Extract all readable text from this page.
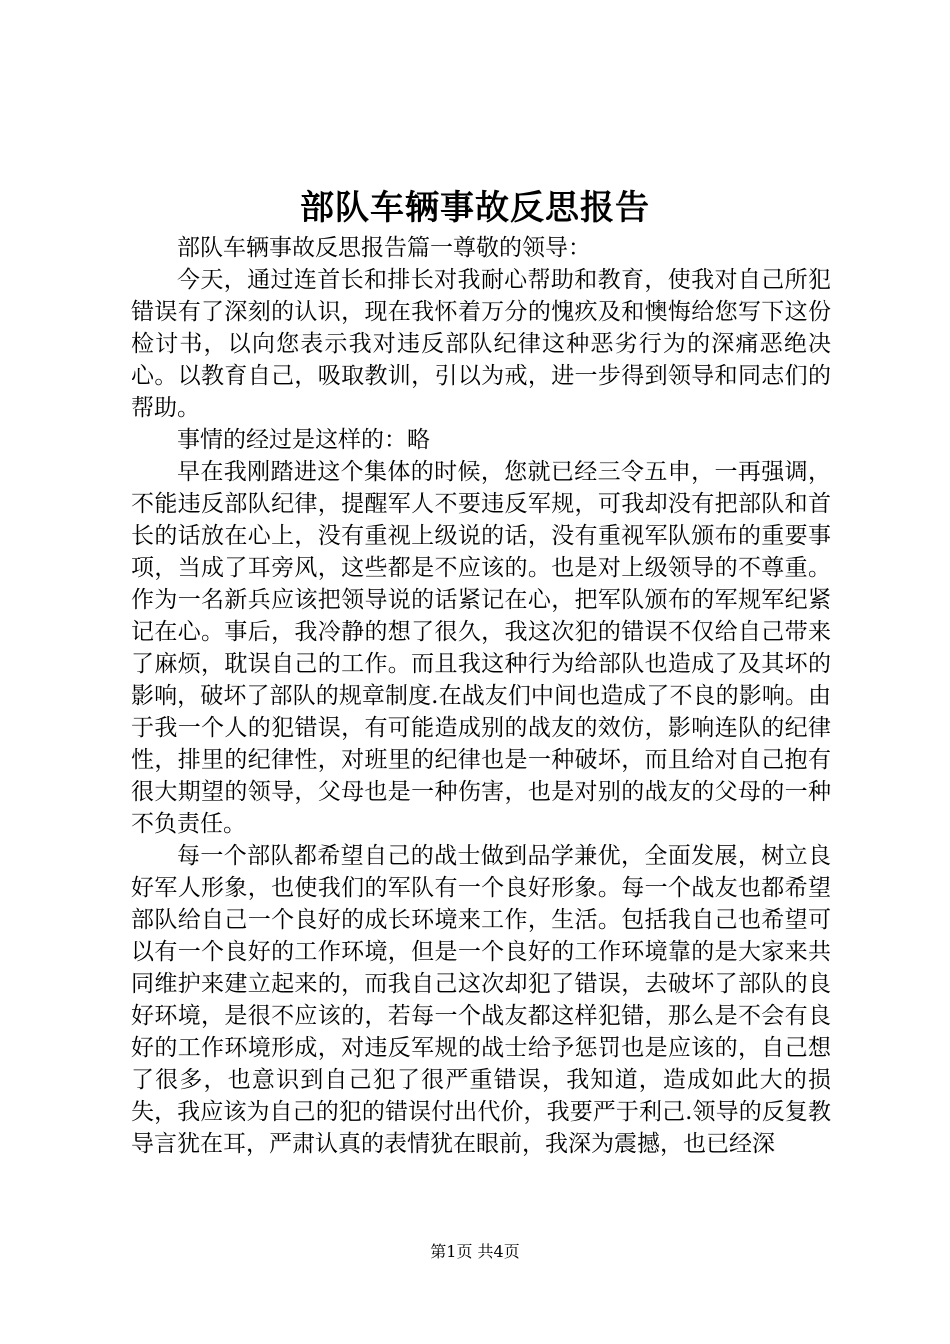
部队车辆事故反思报告

部队车辆事故反思报告篇一尊敬的领导：

今天，通过连首长和排长对我耐心帮助和教育，使我对自己所犯错误有了深刻的认识，现在我怀着万分的愧疚及和懊悔给您写下这份检讨书，以向您表示我对违反部队纪律这种恶劣行为的深痛恶绝决心。以教育自己，吸取教训，引以为戒，进一步得到领导和同志们的帮助。

事情的经过是这样的：略

早在我刚踏进这个集体的时候，您就已经三令五申，一再强调，不能违反部队纪律，提醒军人不要违反军规，可我却没有把部队和首长的话放在心上，没有重视上级说的话，没有重视军队颁布的重要事项，当成了耳旁风，这些都是不应该的。也是对上级领导的不尊重。作为一名新兵应该把领导说的话紧记在心，把军队颁布的军规军纪紧记在心。事后，我冷静的想了很久，我这次犯的错误不仅给自己带来了麻烦，耽误自己的工作。而且我这种行为给部队也造成了及其坏的影响，破坏了部队的规章制度.在战友们中间也造成了不良的影响。由于我一个人的犯错误，有可能造成别的战友的效仿，影响连队的纪律性，排里的纪律性，对班里的纪律也是一种破坏，而且给对自己抱有很大期望的领导，父母也是一种伤害，也是对别的战友的父母的一种不负责任。

每一个部队都希望自己的战士做到品学兼优，全面发展，树立良好军人形象，也使我们的军队有一个良好形象。每一个战友也都希望部队给自己一个良好的成长环境来工作，生活。包括我自己也希望可以有一个良好的工作环境，但是一个良好的工作环境靠的是大家来共同维护来建立起来的，而我自己这次却犯了错误，去破坏了部队的良好环境，是很不应该的，若每一个战友都这样犯错，那么是不会有良好的工作环境形成，对违反军规的战士给予惩罚也是应该的，自己想了很多，也意识到自己犯了很严重错误，我知道，造成如此大的损失，我应该为自己的犯的错误付出代价，我要严于利己.领导的反复教导言犹在耳，严肃认真的表情犹在眼前，我深为震撼，也已经深

第1页 共4页
